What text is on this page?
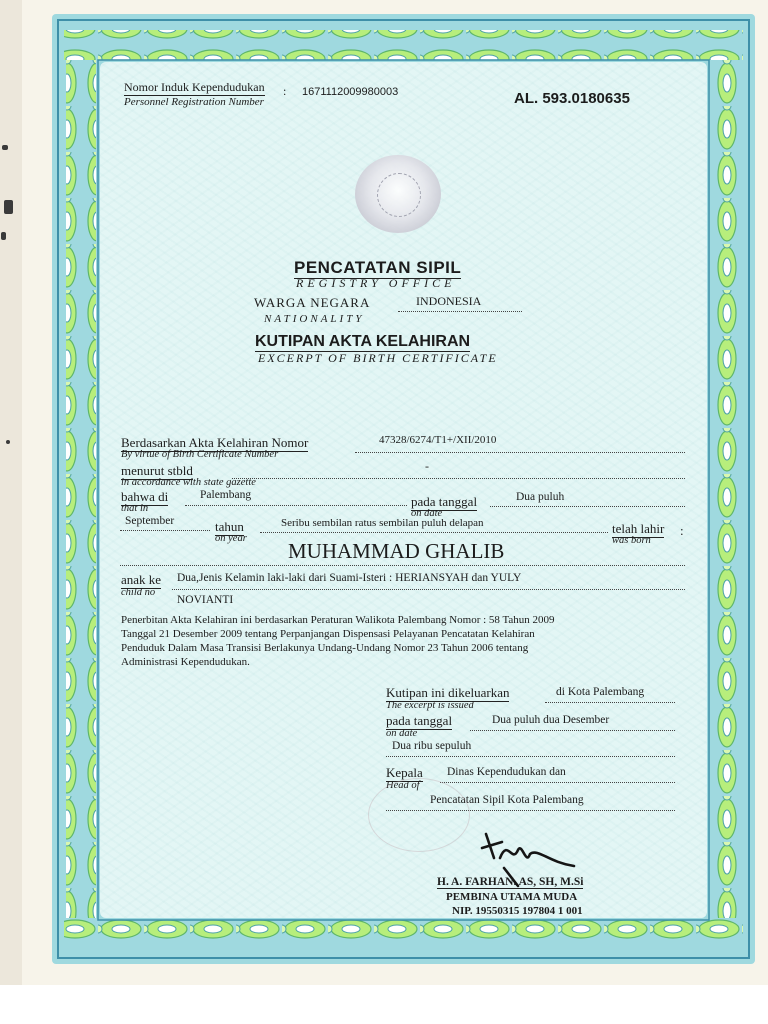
Nomor Induk Kependudukan :
Personnel Registration Number
1671112009980003	AL. 593.0180635
PENCATATAN SIPIL
REGISTRY OFFICE
WARGA NEGARA	INDONESIA
NATIONALITY
KUTIPAN AKTA KELAHIRAN
EXCERPT OF BIRTH CERTIFICATE
Berdasarkan Akta Kelahiran Nomor
By virtue of Birth Certificate Number
47328/6274/T1+/XII/2010
menurut stbld
in accordance with state gazette
-
bahwa di
that in
Palembang	pada tanggal
on date
Dua puluh
September	tahun
on year
Seribu sembilan ratus sembilan puluh delapan	telah lahir :
was born
MUHAMMAD GHALIB
anak ke
child no
Dua,Jenis Kelamin laki-laki dari Suami-Isteri : HERIANSYAH dan YULY
NOVIANTI
Penerbitan Akta Kelahiran ini berdasarkan Peraturan Walikota Palembang Nomor : 58 Tahun 2009
Tanggal 21 Desember 2009 tentang Perpanjangan Dispensasi Pelayanan Pencatatan Kelahiran
Penduduk Dalam Masa Transisi Berlakunya Undang-Undang Nomor 23 Tahun 2006 tentang
Administrasi Kependudukan.
Kutipan ini dikeluarkan
The excerpt is issued
di Kota Palembang
pada tanggal
on date
Dua puluh dua Desember
Dua ribu sepuluh
Kepala
Head of
Dinas Kependudukan dan
Pencatatan Sipil Kota Palembang
H. A. FARHAN. AS, SH, M.Si
PEMBINA UTAMA MUDA
NIP. 19550315 197804 1 001
